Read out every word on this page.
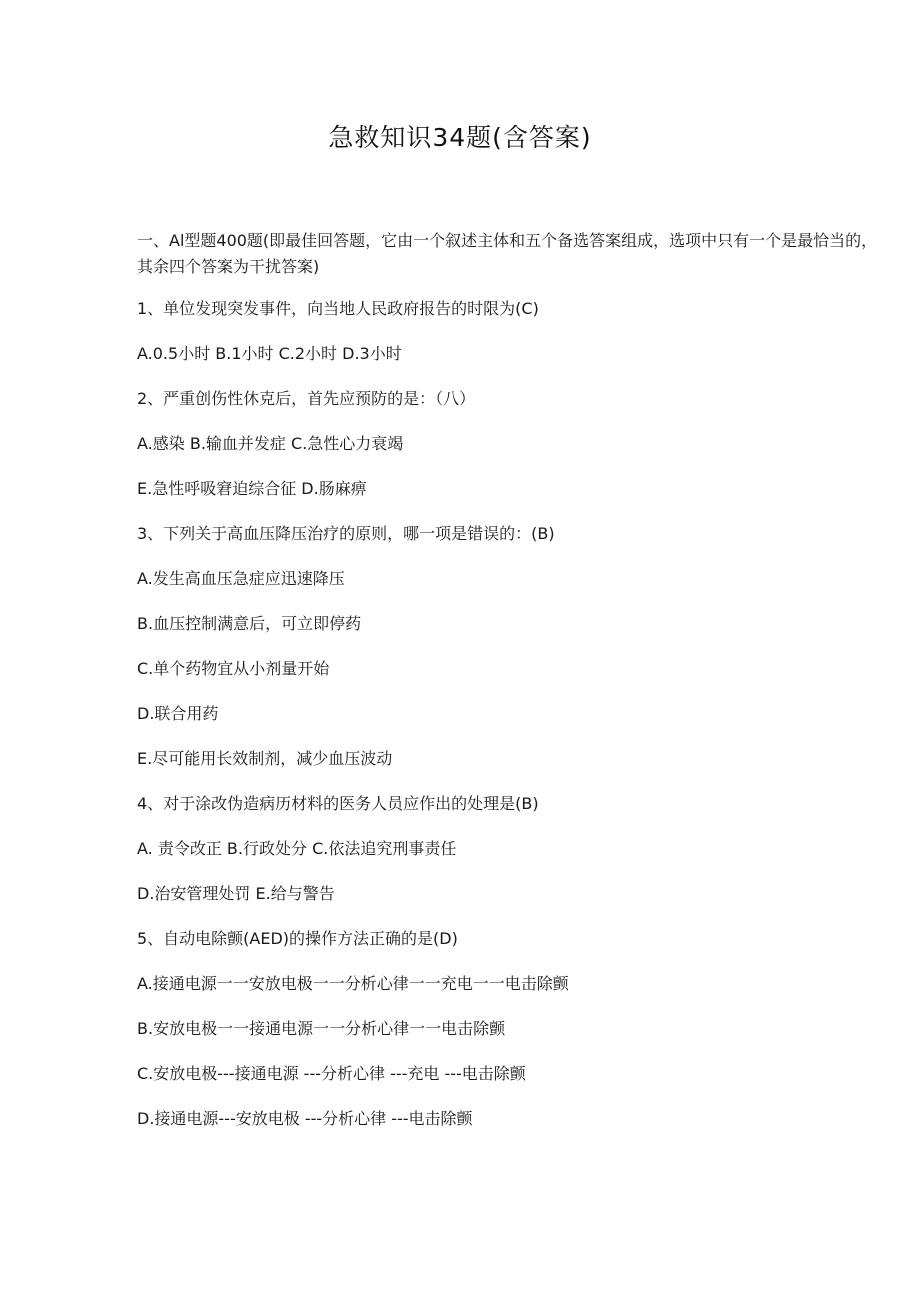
急救知识34题(含答案)
一、Al型题400题(即最佳回答题，它由一个叙述主体和五个备选答案组成，选项中只有一个是最恰当的，其余四个答案为干扰答案)
1、单位发现突发事件，向当地人民政府报告的时限为(C)
A.0.5小时 B.1小时 C.2小时 D.3小时
2、严重创伤性休克后，首先应预防的是：（八）
A.感染 B.输血并发症 C.急性心力衰竭
E.急性呼吸窘迫综合征 D.肠麻痹
3、下列关于高血压降压治疗的原则，哪一项是错误的：(B)
A.发生高血压急症应迅速降压
B.血压控制满意后，可立即停药
C.单个药物宜从小剂量开始
D.联合用药
E.尽可能用长效制剂，减少血压波动
4、对于涂改伪造病历材料的医务人员应作出的处理是(B)
A. 责令改正 B.行政处分 C.依法追究刑事责任
D.治安管理处罚 E.给与警告
5、自动电除颤(AED)的操作方法正确的是(D)
A.接通电源一一安放电极一一分析心律一一充电一一电击除颤
B.安放电极一一接通电源一一分析心律一一电击除颤
C.安放电极---接通电源 ---分析心律 ---充电 ---电击除颤
D.接通电源---安放电极 ---分析心律 ---电击除颤
